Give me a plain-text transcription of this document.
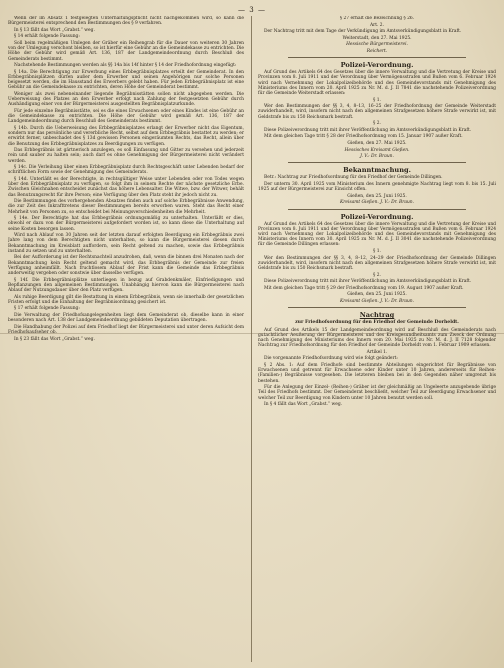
— 3 —

Wenn der im Absatz 1 festgelegten Unterhaltungspflicht nicht nachgekommen wird, so kann die Bürgermeisterei entsprechend den Bestimmungen des § 9 verfahren.

In § 13 fällt das Wort „Grabst.“ weg.

§ 14 erhält folgende Fassung:

Soll beim regelmäßigen Umlegen der Gräber ein Reihengrab für die Dauer von weiteren 30 Jahren von der Umlegung verschont bleiben, so ist hierfür eine Gebühr an die Gemeindekasse zu entrichten. Die Höhe der Gebühr wird gemäß Art. 136, 187 der Landgemeindeordnung durch Beschluß des Gemeinderats bestimmt.

Nachstehende Bestimmungen werden als §§ 14a bis 14f hinter § 14 der Friedhofordnung eingefügt:

§ 14a. Die Berechtigung zur Erwerbung eines Erbbegräbnisplatzes erteilt der Gemeinderat. In den Erbbegräbnisplätzen dürfen außer dem Erwerber und seinen Angehörigen nur solche Personen beigesetzt werden, die im Hausstand des Erwerbers gelebt haben. Für jeden Erbbegräbnisplatz ist eine Gebühr an die Gemeindekasse zu entrichten, deren Höhe der Gemeinderat bestimmt.

Weniger als zwei nebeneinander liegende Begräbnisstätten sollen nicht abgegeben werden. Die Ueberweisung des Platzes an den Erwerber erfolgt nach Zahlung der festgesetzten Gebühr durch Aushändigung einer von der Bürgermeisterei ausgestellten Begräbnisplatzurkunde.

Für jede einzelne Begräbnisstätte, sei es die eines Erwachsenen oder eines Kindes ist eine Gebühr an die Gemeindekasse zu entrichten. Die Höhe der Gebühr wird gemäß Art. 136, 187 der Landgemeindeordnung durch Beschluß des Gemeinderats bestimmt.

§ 14b. Durch die Ueberweisung des Erbbegräbnisplatzes erlangt der Erwerber nicht das Eigentum, sondern nur das persönliche und vererbliche Recht, selbst auf dem Erbbegräbnis bestattet zu werden; er erwirbt ferner, unbeschadet des § 13d gewissen Personen eingeräumten Rechts, das Recht, allein über die Benutzung des Erbbegräbnisplatzes zu Beerdigungen zu verfügen.

Das Erbbegräbnis ist gärtnerisch anzulegen, es soll Einfassung und Gitter zu versehen und jederzeit rein und sauber zu halten sein; auch darf es ohne Genehmigung der Bürgermeisterei nicht verändert werden.

§ 14c. Die Verleihung über einen Erbbegräbnisplatz durch Rechtsgeschäft unter Lebenden bedarf der schriftlichen Form sowie der Genehmigung des Gemeinderats.

§ 14d. Unterläßt es der Berechtigte, in rechtsgültiger Weise unter Lebenden oder von Todes wegen über den Erbbegräbnisplatz zu verfügen, so folgt ihm in seinem Rechte der nächste gesetzliche Erbe. Zwischen Gleichnahen entscheidet zunächst das höhere Lebensalter. Die Witwe, bzw. der Witwer, behält das Benutzungsrecht für ihre Person; eine Verfügung über den Platz steht ihr jedoch nicht zu.

Die Bestimmungen des vorhergehenden Absatzes finden auch auf solche Erbbegräbnisse Anwendung, die zur Zeit des Inkrafttretens dieser Bestimmungen bereits erworben waren. Steht das Recht einer Mehrheit von Personen zu, so entscheidet bei Meinungsverschiedenheiten die Mehrheit.

§ 14e. Der Berechtigte hat das Erbbegräbnis ordnungsmäßig zu unterhalten. Unterläßt er dies, obwohl er dazu von der Bürgermeisterei aufgefordert worden ist, so kann diese die Unterhaltung auf seine Kosten besorgen lassen.

Wird nach Ablauf von 30 Jahren seit der letzten darauf erfolgten Beerdigung ein Erbbegräbnis zwei Jahre lang von dem Berechtigten nicht unterhalten, so kann die Bürgermeisterei diesen durch Bekanntmachung im Kreisblatt auffordern, sein Recht geltend zu machen, sowie das Erbbegräbnis instand zu setzen und zu unterhalten.

Bei der Aufforderung ist der Rechtsnachteil anzudrohen, daß, wenn die binnen drei Monaten nach der Bekanntmachung kein Recht geltend gemacht wird, das Erbbegräbnis der Gemeinde zur freien Verfügung anheimfällt. Nach fruchtlosem Ablauf der Frist kann die Gemeinde das Erbbegräbnis anderweitig vergeben oder sonstwie über dasselbe verfügen.

§ 14f. Die Erbbegräbnisplätze unterliegen in bezug auf Grabdenkmäler, Einfriedigungen und Bepflanzungen den allgemeinen Bestimmungen. Unabhängig hiervon kann die Bürgermeisterei nach Ablauf der Nutzungsdauer über den Platz verfügen.

Als ruhige Beerdigung gilt die Bestattung in einem Erbbegräbnis, wenn sie innerhalb der gesetzlichen Fristen erfolgt und die Einhaltung der Begräbnisordnung gesichert ist.

§ 17 erhält folgende Fassung:

Die Verwaltung der Friedhofsangelegenheiten liegt dem Gemeinderat ob, dieselbe kann in einer besonderen nach Art. 138 der Landgemeindeordnung gebildeten Deputation übertragen.

Die Handhabung der Polizei auf dem Friedhof liegt der Bürgermeisterei und unter deren Aufsicht dem Friedhofsaufseher ob.

In § 23 fällt das Wort „Grabst.“ weg.

§ 27 erhält die Bezeichnung § 26.

Art. 2.

Der Nachtrag tritt mit dem Tage der Verkündigung im Amtsverkündigungsblatt in Kraft.

Weiterstadt, den 27. Mai 1925.

Hessische Bürgermeisterei.

Reichert.

Polizei-Verordnung.

Auf Grund des Artikels 64 des Gesetzes über die innere Verwaltung und die Vertretung der Kreise und Provinzen vom 8. Juli 1911 und der Verordnung über Vermögensstrafen und Bußen vom 6. Februar 1924 wird nach Vernehmung der Lokalpolizeibehörde und des Gemeindevorstands mit Genehmigung des Ministeriums des Innern vom 20. April 1925 zu Nr. M. d. J. II 7841 die nachstehende Polizeiverordnung für die Gemeinde Weiterstadt erlassen:

§ 1.

Wer den Bestimmungen der §§ 3, 4, 8–13, 16–25 der Friedhofordnung der Gemeinde Weiterstadt zuwiderhandelt, wird, insofern nicht nach den allgemeinen Strafgesetzen höhere Strafe verwirkt ist, mit Geldstrafe bis zu 150 Reichsmark bestraft.

§ 2.

Diese Polizeiverordnung tritt mit ihrer Veröffentlichung im Amtsverkündigungsblatt in Kraft.

Mit dem gleichen Tage tritt § 28 der Friedhofsordnung vom 15. Januar 1907 außer Kraft.

Gießen, den 27. Mai 1925.

Hessisches Kreisamt Gießen.

J. V.: Dr. Braun.

Bekanntmachung.

Betr.: Nachtrag zur Friedhofsordnung für den Friedhof der Gemeinde Dillingen.

Der unterm 30. April 1925 vom Ministerium des Innern genehmigte Nachtrag liegt vom 8. bis 15. Juli 1925 auf der Bürgermeisterei zur Einsicht offen.

Gießen, den 25. Juni 1925.

Kreisamt Gießen. J. V.: Dr. Braun.

Polizei-Verordnung.

Auf Grund des Artikels 64 des Gesetzes über die innere Verwaltung und die Vertretung der Kreise und Provinzen vom 8. Juli 1911 und der Verordnung über Vermögensstrafen und Bußen vom 6. Februar 1924 wird nach Vernehmung der Lokalpolizeibehörde und des Gemeindevorstands mit Genehmigung des Ministeriums des Innern vom 30. April 1925 zu Nr. M. d. J. II 3041 die nachstehende Polizeiverordnung für die Gemeinde Dillingen erlassen:

§ 1.

Wer den Bestimmungen der §§ 3, 4, 8–12, 24–29 der Friedhofsordnung der Gemeinde Dillingen zuwiderhandelt, wird, insofern nicht nach den allgemeinen Strafgesetzen höhere Strafe verwirkt ist, mit Geldstrafe bis zu 150 Reichsmark bestraft.

§ 2.

Diese Polizeiverordnung tritt mit ihrer Veröffentlichung im Amtsverkündigungsblatt in Kraft.

Mit dem gleichen Tage tritt § 29 der Friedhofsordnung vom 19. August 1907 außer Kraft.

Gießen, den 25. Juni 1925.

Kreisamt Gießen. J. V.: Dr. Braun.

Nachtrag

zur Friedhofsordnung für den Friedhof der Gemeinde Dorheldt.

Auf Grund des Artikels 15 der Landgemeindeordnung wird auf Beschluß des Gemeinderats nach gutachtlicher Aeußerung der Bürgermeisterei und des Kreisgesundheitsamts zum Zweck der Ordnung nach Genehmigung des Ministeriums des Innern vom 20. Mai 1925 zu Nr. M. d. J. II 7128 folgender Nachtrag zur Friedhofsordnung für den Friedhof der Gemeinde Dorheldt vom 1. Februar 1909 erlassen.

Artikel 1.

Die vorgenannte Friedhofsordnung wird wie folgt geändert:

§ 2 Abs. 1: Auf dem Friedhofe sind bestimmte Abteilungen eingerichtet für Begräbnisse von Erwachsenen und getrennt für Erwachsene oder Kinder unter 10 Jahren, andererseits für Reihen- (Familien-) Begräbnisse vorgesehen. Die letzteren bleiben bei in den Gegenden näher umgrenzt bis bestehen.

Für die Anlegung der Einzel- (Reihen-) Gräber ist der gleichmäßig an Ungeleerte anzugebende übrige Teil des Friedhofs bestimmt. Der Gemeinderat beschließt, welcher Teil zur Beerdigung Erwachsener und welcher Teil zur Beerdigung von Kindern unter 10 Jahren benutzt werden soll.

In § 4 fällt das Wort „Grabst.“ weg.
